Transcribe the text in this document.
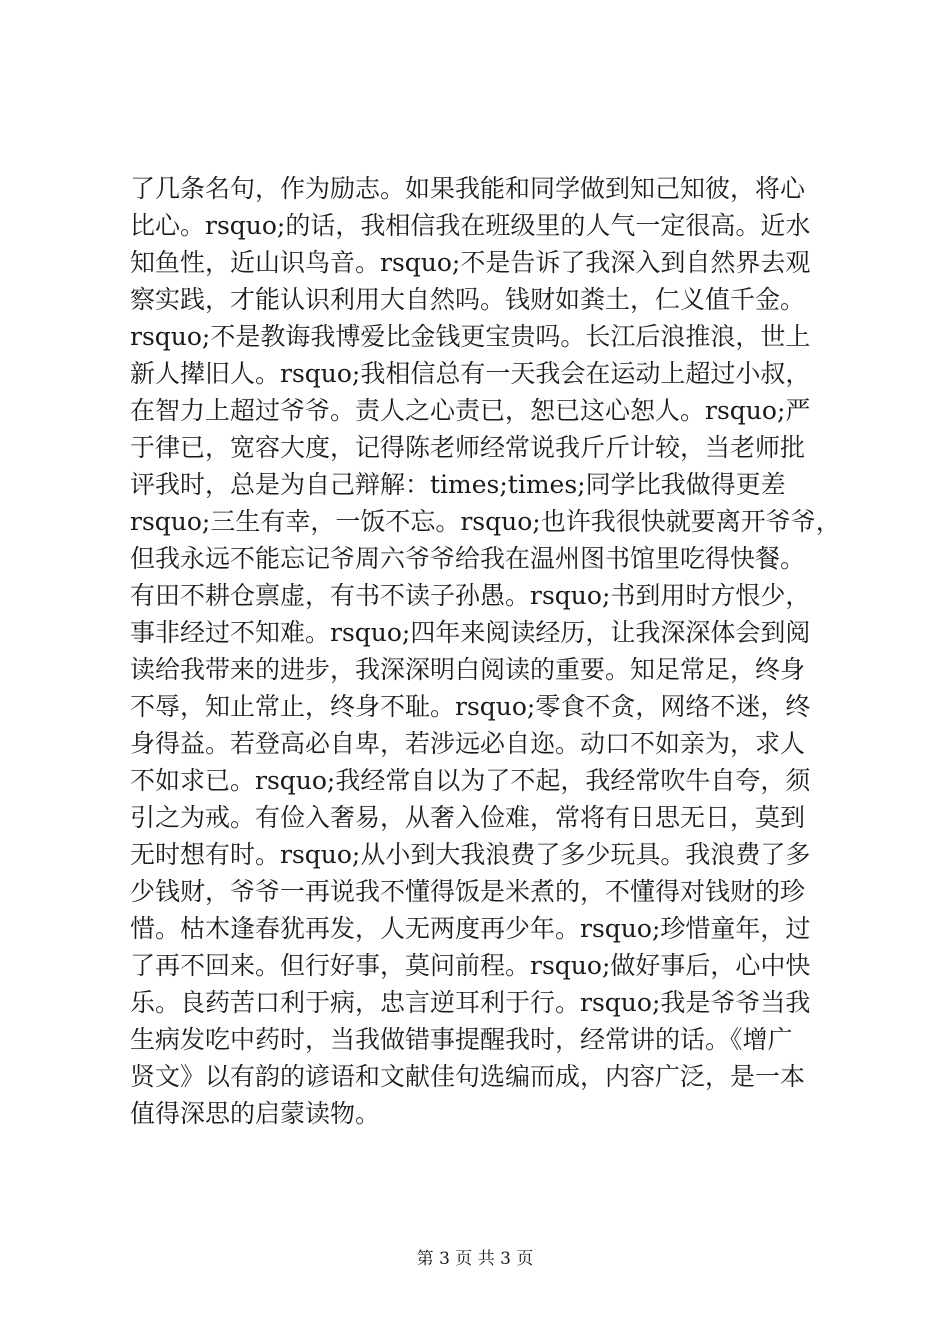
了几条名句，作为励志。如果我能和同学做到知己知彼，将心
比心。rsquo;的话，我相信我在班级里的人气一定很高。近水
知鱼性，近山识鸟音。rsquo;不是告诉了我深入到自然界去观
察实践，才能认识利用大自然吗。钱财如粪土，仁义值千金。
rsquo;不是教诲我博爱比金钱更宝贵吗。长江后浪推浪，世上
新人撵旧人。rsquo;我相信总有一天我会在运动上超过小叔，
在智力上超过爷爷。责人之心责已，恕已这心恕人。rsquo;严
于律已，宽容大度，记得陈老师经常说我斤斤计较，当老师批
评我时，总是为自己辩解：times;times;同学比我做得更差
rsquo;三生有幸，一饭不忘。rsquo;也许我很快就要离开爷爷，
但我永远不能忘记爷周六爷爷给我在温州图书馆里吃得快餐。
有田不耕仓禀虚，有书不读子孙愚。rsquo;书到用时方恨少，
事非经过不知难。rsquo;四年来阅读经历，让我深深体会到阅
读给我带来的进步，我深深明白阅读的重要。知足常足，终身
不辱，知止常止，终身不耻。rsquo;零食不贪，网络不迷，终
身得益。若登高必自卑，若涉远必自迩。动口不如亲为，求人
不如求已。rsquo;我经常自以为了不起，我经常吹牛自夸，须
引之为戒。有俭入奢易，从奢入俭难，常将有日思无日，莫到
无时想有时。rsquo;从小到大我浪费了多少玩具。我浪费了多
少钱财，爷爷一再说我不懂得饭是米煮的，不懂得对钱财的珍
惜。枯木逢春犹再发，人无两度再少年。rsquo;珍惜童年，过
了再不回来。但行好事，莫问前程。rsquo;做好事后，心中快
乐。良药苦口利于病，忠言逆耳利于行。rsquo;我是爷爷当我
生病发吃中药时，当我做错事提醒我时，经常讲的话。《增广
贤文》以有韵的谚语和文献佳句选编而成，内容广泛，是一本
值得深思的启蒙读物。
第 3 页 共 3 页
